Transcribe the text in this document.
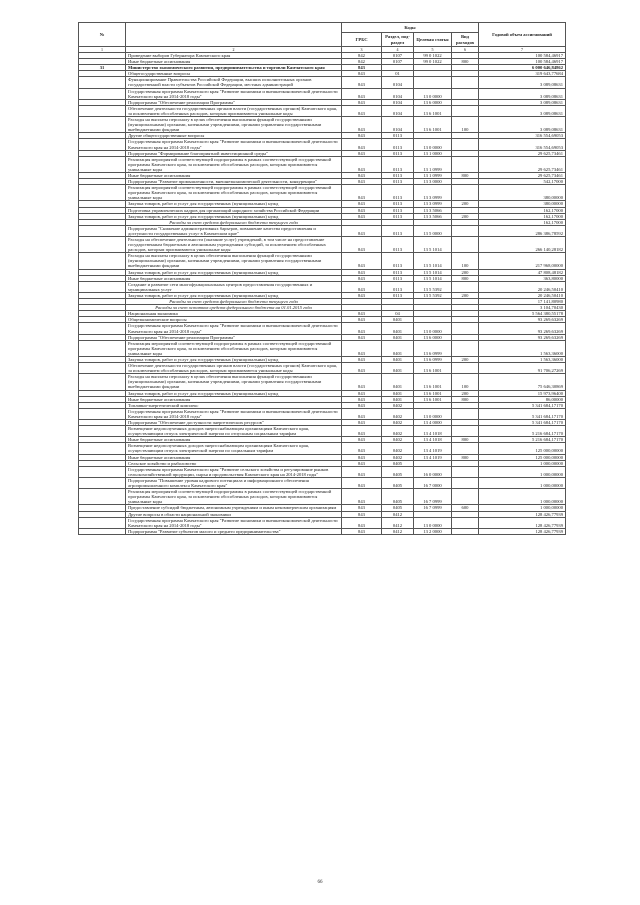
№		Коды				Годовой объем ассигнований
		ГРБС	Раздел, под-раздел	Целевая статья	Вид расходов	
1	2	3	4	5	6	7
	Проведение выборов Губернатора Камчатского края	842	0107	99 0 1022		100 584,46917
	Иные бюджетные ассигнования	842	0107	99 0 1022	800	100 584,46917
31	Министерство экономического развития, предпринимательства и торговли Камчатского края	843				6 000 646,84862
	Общегосударственные вопросы	843	01			319 643,77684
	Функционирование Правительства Российской Федерации, высших исполнительных органов государственной власти субъектов Российской Федерации, местных администраций	843	0104			3 089,08631
	Государственная программа Камчатского края "Развитие экономики и внешнеэкономической деятельности Камчатского края на 2014-2018 годы"	843	0104	13 0 0000		3 089,08631
	Подпрограмма "Обеспечение реализации Программы"	843	0104	13 6 0000		3 089,08631
	Обеспечение деятельности государственных органов власти (государственных органов) Камчатского края, за исключением обособленных расходов, которым присваиваются уникальные коды	843	0104	13 6 1001		3 089,08631
	Расходы на выплаты персоналу в целях обеспечения выполнения функций государственными (муниципальными) органами, казенными учреждениями, органами управления государственными внебюджетными фондами	843	0104	13 6 1001	100	3 089,08631
	Другие общегосударственные вопросы	843	0113			316 554,69053
	Государственная программа Камчатского края "Развитие экономики и внешнеэкономической деятельности Камчатского края на 2014-2018 годы"	843	0113	13 0 0000		316 554,69053
	Подпрограмма "Формирование благоприятной инвестиционной среды"	843	0113	13 1 0000		29 625,73461
	Реализация мероприятий соответствующей подпрограммы в рамках соответствующей государственной программы Камчатского края, за исключением обособленных расходов, которым присваиваются уникальные коды	843	0113	13 1 0999		29 625,73461
	Иные бюджетные ассигнования	843	0113	13 1 0999	800	29 625,73461
	Подпрограмма "Развитие промышленности, внешнеэкономической деятельности, конкуренции"	843	0113	13 3 0000		542,17000
	Реализация мероприятий соответствующей подпрограммы в рамках соответствующей государственной программы Камчатского края, за исключением обособленных расходов, которым присваиваются уникальные коды	843	0113	13 3 0999		380,00000
	Закупка товаров, работ и услуг для государственных (муниципальных) нужд	843	0113	13 3 0999	200	380,00000
	Подготовка управленческих кадров для организаций народного хозяйства Российской Федерации	843	0113	13 3 5066		162,17000
	Закупка товаров, работ и услуг для государственных (муниципальных) нужд	843	0113	13 3 5066	200	162,17000
	Расходы за счет средств федерального бюджета текущего года					162,17000
	Подпрограмма "Снижение административных барьеров, повышение качества предоставления и доступности государственных услуг в Камчатском крае"	843	0113	13 5 0000		286 386,78592
	Расходы на обеспечение деятельности (оказание услуг) учреждений, в том числе на предоставление государственным бюджетным и автономным учреждениям субсидий, за исключением обособленных расходов, которым присваиваются уникальные коды	843	0113	13 5 1014		266 140,28182
	Расходы на выплаты персоналу в целях обеспечения выполнения функций государственными (муниципальными) органами, казенными учреждениями, органами управления государственными внебюджетными фондами	843	0113	13 5 1014	100	217 968,00000
	Закупка товаров, работ и услуг для государственных (муниципальных) нужд	843	0113	13 5 1014	200	47 808,48182
	Иные бюджетные ассигнования	843	0113	13 5 1014	800	363,80000
	Создание и развитие сети многофункциональных центров предоставления государственных и муниципальных услуг	843	0113	13 5 5392		20 246,50410
	Закупка товаров, работ и услуг для государственных (муниципальных) нужд	843	0113	13 5 5392	200	20 246,50410
	Расходы за счет средств федерального бюджета текущего года					17 141,80980
	Расходы за счет остатков средств федерального бюджета на 01.01.2015 года					3 104,70430
	Национальная экономика	843	04			5 564 380,55178
	Общеэкономические вопросы	843	0401			93 269,63269
	Государственная программа Камчатского края "Развитие экономики и внешнеэкономической деятельности Камчатского края на 2014-2018 годы"	843	0401	13 0 0000		93 269,63269
	Подпрограмма "Обеспечение реализации Программы"	843	0401	13 6 0000		93 269,63269
	Реализация мероприятий соответствующей подпрограммы в рамках соответствующей государственной программы Камчатского края, за исключением обособленных расходов, которым присваиваются уникальные коды	843	0401	13 6 0999		1 563,36000
	Закупка товаров, работ и услуг для государственных (муниципальных) нужд	843	0401	13 6 0999	200	1 563,36000
	Обеспечение деятельности государственных органов власти (государственных органов) Камчатского края, за исключением обособленных расходов, которым присваиваются уникальные коды	843	0401	13 6 1001		91 706,27269
	Расходы на выплаты персоналу в целях обеспечения выполнения функций государственными (муниципальными) органами, казенными учреждениями, органами управления государственными внебюджетными фондами	843	0401	13 6 1001	100	75 646,30869
	Закупка товаров, работ и услуг для государственных (муниципальных) нужд	843	0401	13 6 1001	200	15 973,96400
	Иные бюджетные ассигнования	843	0401	13 6 1001	800	86,00000
	Топливно-энергетический комплекс	843	0402			5 341 684,17170
	Государственная программа Камчатского края "Развитие экономики и внешнеэкономической деятельности Камчатского края на 2014-2018 годы"	843	0402	13 0 0000		5 341 684,17170
	Подпрограмма "Обеспечение доступности энергетических ресурсов"	843	0402	13 4 0000		5 341 684,17170
	Возмещение недополученных доходов энергоснабжающим организациям Камчатского края, осуществляющим отпуск электрической энергии по отпускным социальным тарифам	843	0402	13 4 1018		5 216 684,17170
	Иные бюджетные ассигнования	843	0402	13 4 1018	800	5 216 684,17170
	Возмещение недополученных доходов энергоснабжающим организациям Камчатского края, осуществляющим отпуск электрической энергии по социальным тарифам	843	0402	13 4 1019		125 000,00000
	Иные бюджетные ассигнования	843	0402	13 4 1019	800	125 000,00000
	Сельское хозяйство и рыболовство	843	0405			1 000,00000
	Государственная программа Камчатского края "Развитие сельского хозяйства и регулирование рынков сельскохозяйственной продукции, сырья и продовольствия Камчатского края на 2014-2018 годы"	843	0405	16 0 0000		1 000,00000
	Подпрограмма "Повышение уровня кадрового потенциала и информационного обеспечения агропромышленного комплекса Камчатского края"	843	0405	16 7 0000		1 000,00000
	Реализация мероприятий соответствующей подпрограммы в рамках соответствующей государственной программы Камчатского края, за исключением обособленных расходов, которым присваиваются уникальные коды	843	0405	16 7 0999		1 000,00000
	Предоставление субсидий бюджетным, автономным учреждениям и иным некоммерческим организациям	843	0405	16 7 0999	600	1 000,00000
	Другие вопросы в области национальной экономики	843	0412			128 426,77939
	Государственная программа Камчатского края "Развитие экономики и внешнеэкономической деятельности Камчатского края на 2014-2018 годы"	843	0412	13 0 0000		128 426,77939
	Подпрограмма "Развитие субъектов малого и среднего предпринимательства"	843	0412	13 2 0000		128 426,77939
66
